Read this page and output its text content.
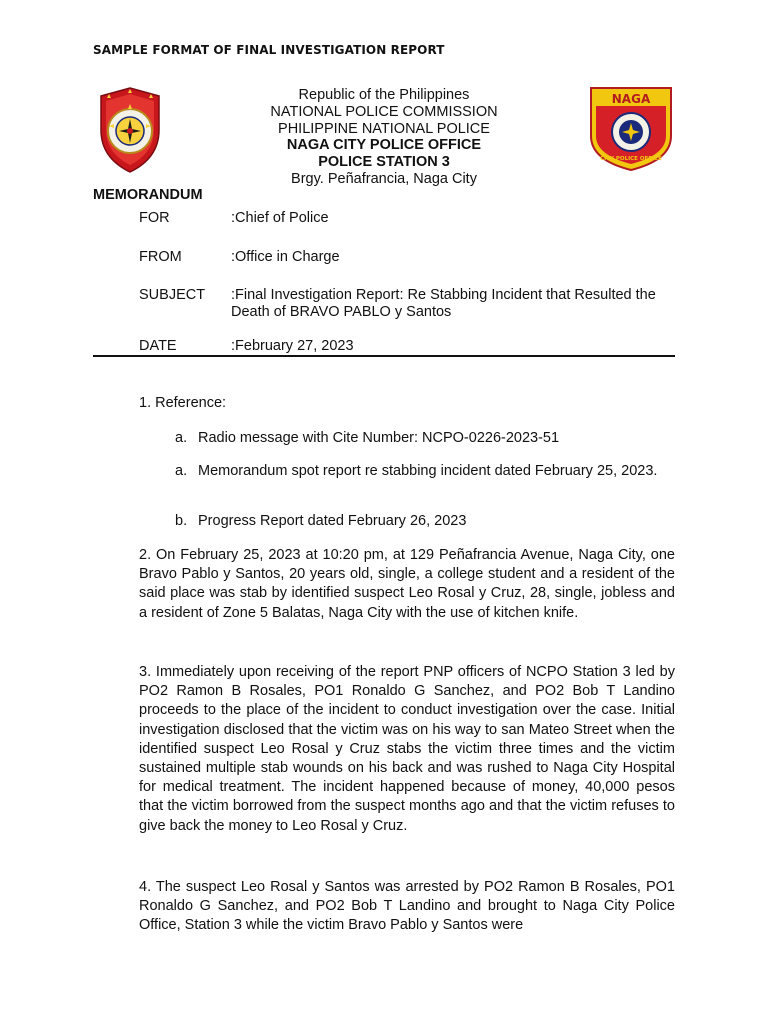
SAMPLE FORMAT OF FINAL INVESTIGATION REPORT
NAGA
CITY POLICE OFFICE
Republic of the Philippines
NATIONAL POLICE COMMISSION
PHILIPPINE NATIONAL POLICE
NAGA CITY POLICE OFFICE
POLICE STATION 3
Brgy. Peñafrancia, Naga City
MEMORANDUM
FOR	:Chief of Police
FROM	:Office in Charge
SUBJECT :Final Investigation Report: Re Stabbing Incident that Resulted the Death of BRAVO PABLO y Santos
DATE	:February 27, 2023
1. Reference:
a. Radio message with Cite Number: NCPO-0226-2023-51
a. Memorandum spot report re stabbing incident dated February 25, 2023.
b. Progress Report dated February 26, 2023
2. On February 25, 2023 at 10:20 pm, at 129 Peñafrancia Avenue, Naga City, one Bravo Pablo y Santos, 20 years old, single, a college student and a resident of the said place was stab by identified suspect Leo Rosal y Cruz, 28, single, jobless and a resident of Zone 5 Balatas, Naga City with the use of kitchen knife.
3. Immediately upon receiving of the report PNP officers of NCPO Station 3 led by PO2 Ramon B Rosales, PO1 Ronaldo G Sanchez, and PO2 Bob T Landino proceeds to the place of the incident to conduct investigation over the case. Initial investigation disclosed that the victim was on his way to san Mateo Street when the identified suspect Leo Rosal y Cruz stabs the victim three times and the victim sustained multiple stab wounds on his back and was rushed to Naga City Hospital for medical treatment. The incident happened because of money, 40,000 pesos that the victim borrowed from the suspect months ago and that the victim refuses to give back the money to Leo Rosal y Cruz.
4. The suspect Leo Rosal y Santos was arrested by PO2 Ramon B Rosales, PO1 Ronaldo G Sanchez, and PO2 Bob T Landino and brought to Naga City Police Office, Station 3 while the victim Bravo Pablo y Santos were
